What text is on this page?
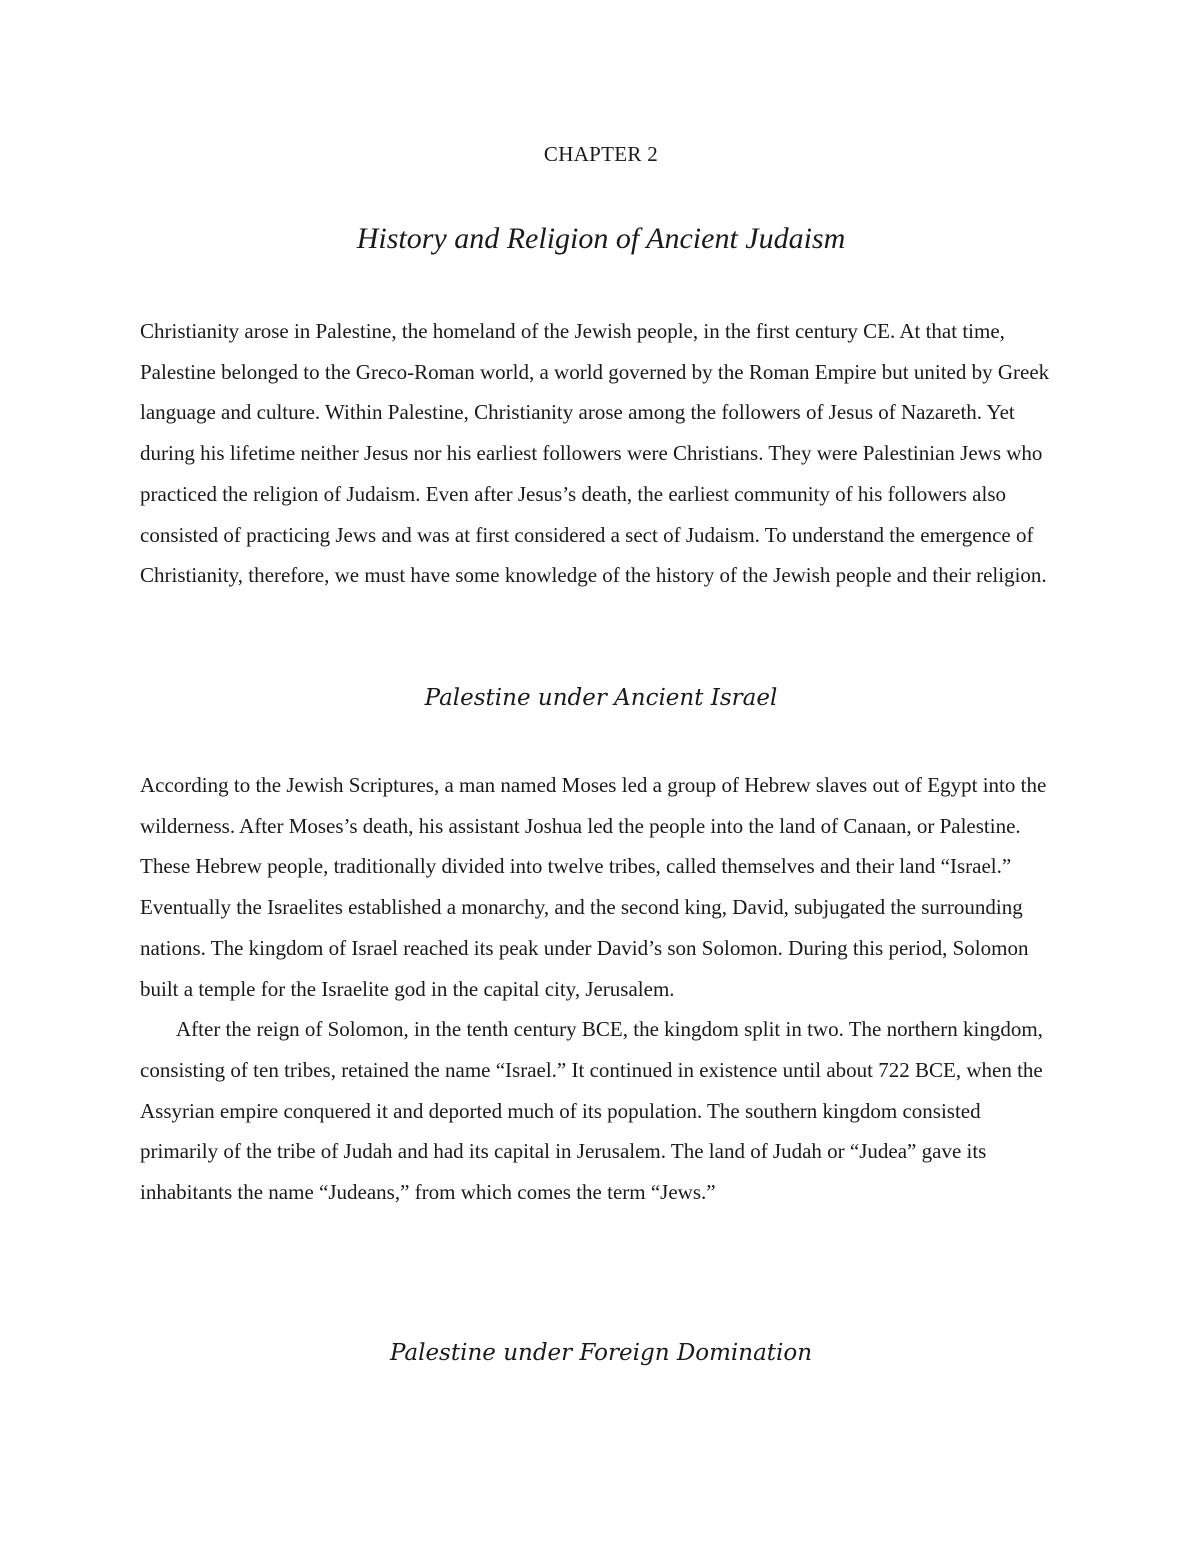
CHAPTER 2
History and Religion of Ancient Judaism

Christianity arose in Palestine, the homeland of the Jewish people, in the first century CE. At that time, Palestine belonged to the Greco-Roman world, a world governed by the Roman Empire but united by Greek language and culture. Within Palestine, Christianity arose among the followers of Jesus of Nazareth. Yet during his lifetime neither Jesus nor his earliest followers were Christians. They were Palestinian Jews who practiced the religion of Judaism. Even after Jesus’s death, the earliest community of his followers also consisted of practicing Jews and was at first considered a sect of Judaism. To understand the emergence of Christianity, therefore, we must have some knowledge of the history of the Jewish people and their religion.

Palestine under Ancient Israel

According to the Jewish Scriptures, a man named Moses led a group of Hebrew slaves out of Egypt into the wilderness. After Moses’s death, his assistant Joshua led the people into the land of Canaan, or Palestine. These Hebrew people, traditionally divided into twelve tribes, called themselves and their land “Israel.” Eventually the Israelites established a monarchy, and the second king, David, subjugated the surrounding nations. The kingdom of Israel reached its peak under David’s son Solomon. During this period, Solomon built a temple for the Israelite god in the capital city, Jerusalem.

After the reign of Solomon, in the tenth century BCE, the kingdom split in two. The northern kingdom, consisting of ten tribes, retained the name “Israel.” It continued in existence until about 722 BCE, when the Assyrian empire conquered it and deported much of its population. The southern kingdom consisted primarily of the tribe of Judah and had its capital in Jerusalem. The land of Judah or “Judea” gave its inhabitants the name “Judeans,” from which comes the term “Jews.”

Palestine under Foreign Domination
